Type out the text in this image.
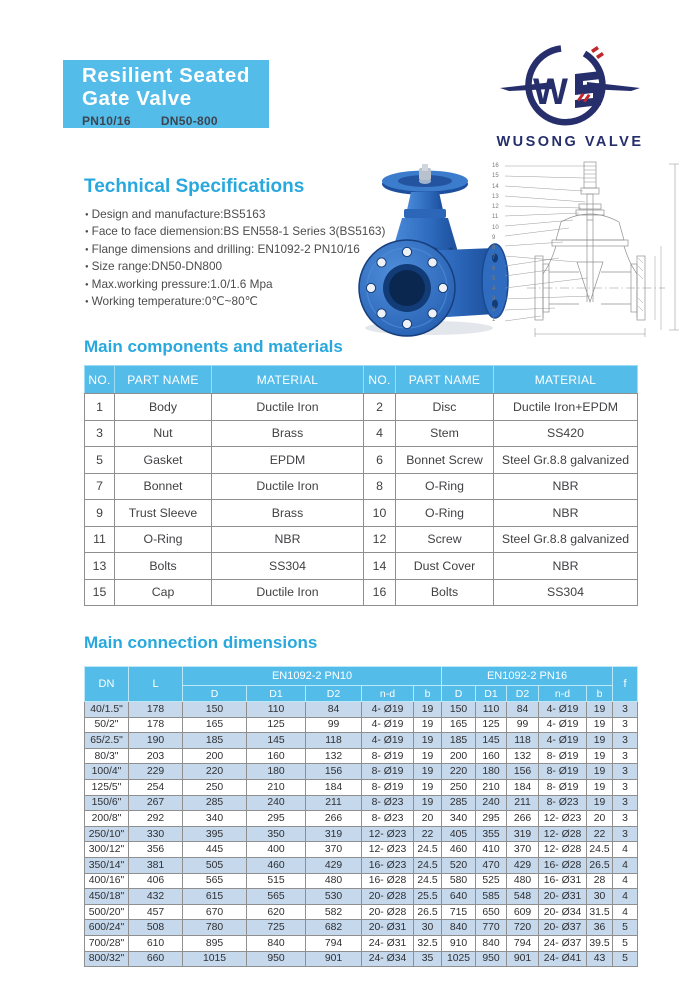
Resilient Seated
Gate Valve
PN10/16	DN50-800
W
WUSONG VALVE
Technical Specifications
● Design and manufacture:BS5163
● Face to face diemension:BS EN558-1 Series 3(BS5163)
● Flange dimensions and drilling: EN1092-2 PN10/16
● Size range:DN50-DN800
● Max.working pressure:1.0/1.6 Mpa
● Working temperature:0℃~80℃
16
15
14
13
12
11
10
9
8
7
6
5
4
3
2
1
Main components and materials
NO.	PART NAME	MATERIAL	NO.	PART NAME	MATERIAL
1	Body	Ductile Iron	2	Disc	Ductile Iron+EPDM
3	Nut	Brass	4	Stem	SS420
5	Gasket	EPDM	6	Bonnet Screw	Steel Gr.8.8 galvanized
7	Bonnet	Ductile Iron	8	O-Ring	NBR
9	Trust Sleeve	Brass	10	O-Ring	NBR
11	O-Ring	NBR	12	Screw	Steel Gr.8.8 galvanized
13	Bolts	SS304	14	Dust Cover	NBR
15	Cap	Ductile Iron	16	Bolts	SS304
Main connection dimensions
DN	L	EN1092-2 PN10					EN1092-2 PN16					f
		D	D1	D2	n-d	b	D	D1	D2	n-d	b	
40/1.5"	178	150	110	84	4- Ø19	19	150	110	84	4- Ø19	19	3
50/2"	178	165	125	99	4- Ø19	19	165	125	99	4- Ø19	19	3
65/2.5"	190	185	145	118	4- Ø19	19	185	145	118	4- Ø19	19	3
80/3"	203	200	160	132	8- Ø19	19	200	160	132	8- Ø19	19	3
100/4"	229	220	180	156	8- Ø19	19	220	180	156	8- Ø19	19	3
125/5"	254	250	210	184	8- Ø19	19	250	210	184	8- Ø19	19	3
150/6"	267	285	240	211	8- Ø23	19	285	240	211	8- Ø23	19	3
200/8"	292	340	295	266	8- Ø23	20	340	295	266	12- Ø23	20	3
250/10"	330	395	350	319	12- Ø23	22	405	355	319	12- Ø28	22	3
300/12"	356	445	400	370	12- Ø23	24.5	460	410	370	12- Ø28	24.5	4
350/14"	381	505	460	429	16- Ø23	24.5	520	470	429	16- Ø28	26.5	4
400/16"	406	565	515	480	16- Ø28	24.5	580	525	480	16- Ø31	28	4
450/18"	432	615	565	530	20- Ø28	25.5	640	585	548	20- Ø31	30	4
500/20"	457	670	620	582	20- Ø28	26.5	715	650	609	20- Ø34	31.5	4
600/24"	508	780	725	682	20- Ø31	30	840	770	720	20- Ø37	36	5
700/28"	610	895	840	794	24- Ø31	32.5	910	840	794	24- Ø37	39.5	5
800/32"	660	1015	950	901	24- Ø34	35	1025	950	901	24- Ø41	43	5
